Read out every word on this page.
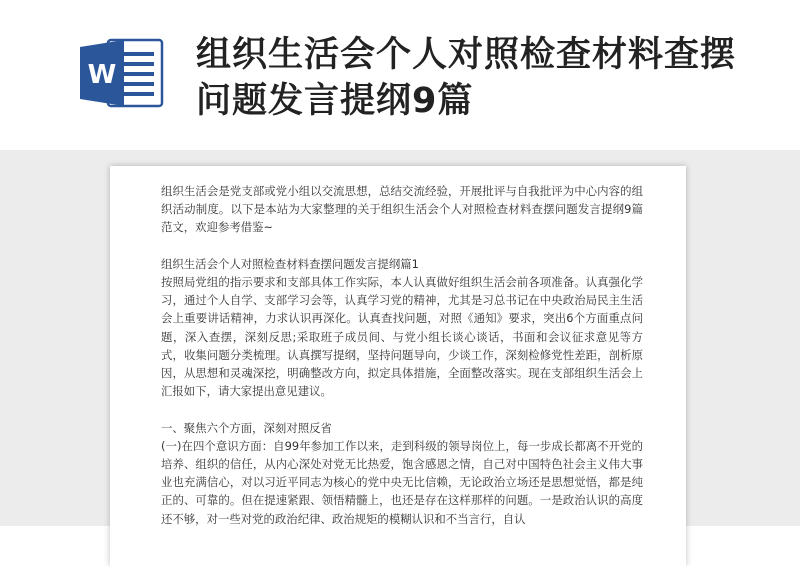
W 组织生活会个人对照检查材料查摆问题发言提纲9篇

组织生活会是党支部或党小组以交流思想，总结交流经验，开展批评与自我批评为中心内容的组织活动制度。以下是本站为大家整理的关于组织生活会个人对照检查材料查摆问题发言提纲9篇范文，欢迎参考借鉴~

组织生活会个人对照检查材料查摆问题发言提纲篇1

按照局党组的指示要求和支部具体工作实际，本人认真做好组织生活会前各项准备。认真强化学习，通过个人自学、支部学习会等，认真学习党的精神，尤其是习总书记在中央政治局民主生活会上重要讲话精神，力求认识再深化。认真查找问题，对照《通知》要求，突出6个方面重点问题，深入查摆，深刻反思;采取班子成员间、与党小组长谈心谈话，书面和会议征求意见等方式，收集问题分类梳理。认真撰写提纲，坚持问题导向，少谈工作，深刻检修党性差距，剖析原因，从思想和灵魂深挖，明确整改方向，拟定具体措施，全面整改落实。现在支部组织生活会上汇报如下，请大家提出意见建议。

一、聚焦六个方面，深刻对照反省

(一)在四个意识方面：自99年参加工作以来，走到科级的领导岗位上，每一步成长都离不开党的培养、组织的信任，从内心深处对党无比热爱，饱含感恩之情，自己对中国特色社会主义伟大事业也充满信心，对以习近平同志为核心的党中央无比信赖，无论政治立场还是思想觉悟，都是纯正的、可靠的。但在提速紧跟、领悟精髓上，也还是存在这样那样的问题。一是政治认识的高度还不够，对一些对党的政治纪律、政治规矩的模糊认识和不当言行，自认
